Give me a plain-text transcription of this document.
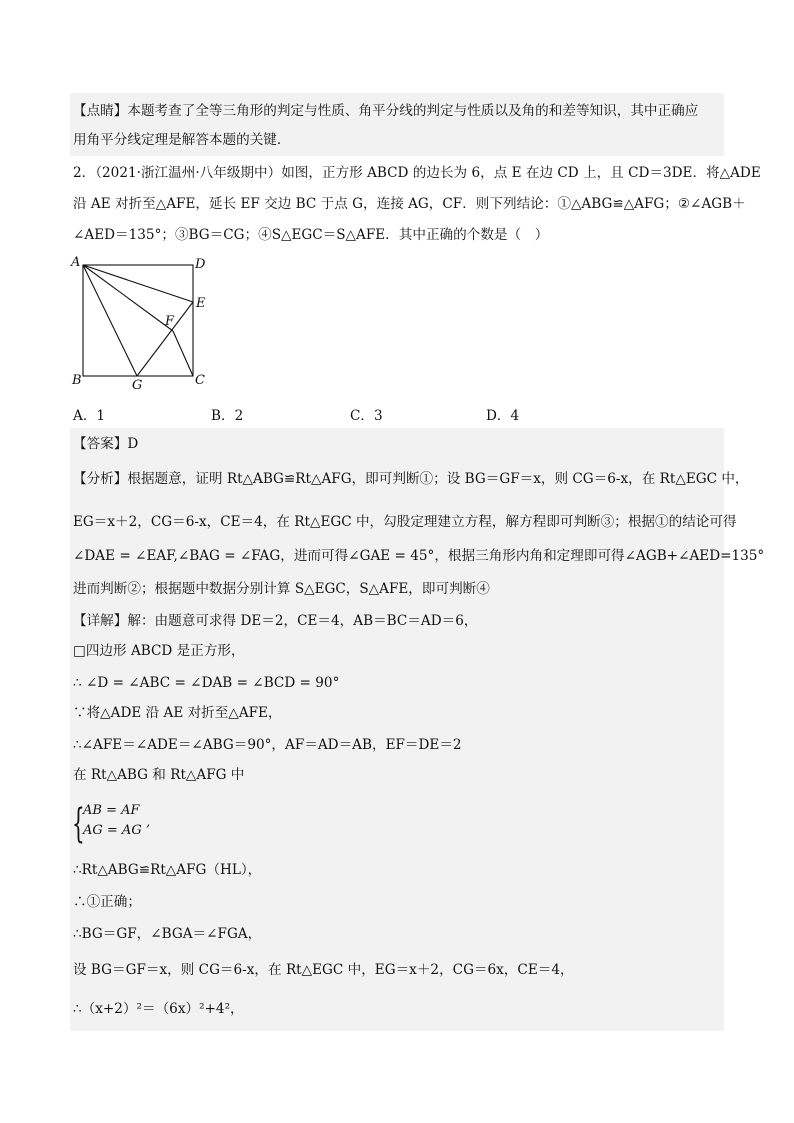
【点睛】本题考查了全等三角形的判定与性质、角平分线的判定与性质以及角的和差等知识，其中正确应
用角平分线定理是解答本题的关键．
2．（2021·浙江温州·八年级期中）如图，正方形 ABCD 的边长为 6，点 E 在边 CD 上，且 CD＝3DE．将△ADE
沿 AE 对折至△AFE，延长 EF 交边 BC 于点 G，连接 AG，CF．则下列结论：①△ABG≌△AFG；②∠AGB＋
∠AED＝135°；③BG＝CG；④S△EGC＝S△AFE．其中正确的个数是（　）
A	D
E
F
B	G	C
A．1	B．2	C．3	D．4
【答案】D
【分析】根据题意，证明 Rt△ABG≌Rt△AFG，即可判断①；设 BG＝GF＝x，则 CG＝6-x，在 Rt△EGC 中，
EG＝x＋2，CG＝6-x，CE＝4，在 Rt△EGC 中，勾股定理建立方程，解方程即可判断③；根据①的结论可得
∠DAE = ∠EAF,∠BAG = ∠FAG，进而可得∠GAE = 45°，根据三角形内角和定理即可得∠AGB+∠AED=135°
进而判断②；根据题中数据分别计算 S△EGC，S△AFE，即可判断④
【详解】解：由题意可求得 DE＝2，CE＝4，AB＝BC＝AD＝6，
□四边形 ABCD 是正方形，
∴ ∠D = ∠ABC = ∠DAB = ∠BCD = 90°
∵将△ADE 沿 AE 对折至△AFE，
∴∠AFE＝∠ADE＝∠ABG＝90°，AF＝AD＝AB，EF＝DE＝2
在 Rt△ABG 和 Rt△AFG 中
{
AB = AF
AG = AG ’
∴Rt△ABG≌Rt△AFG（HL），
∴①正确；
∴BG＝GF，∠BGA＝∠FGA，
设 BG＝GF＝x，则 CG＝6-x，在 Rt△EGC 中，EG＝x＋2，CG＝6x，CE＝4，
∴（x+2）²＝（6x）²+4²，
